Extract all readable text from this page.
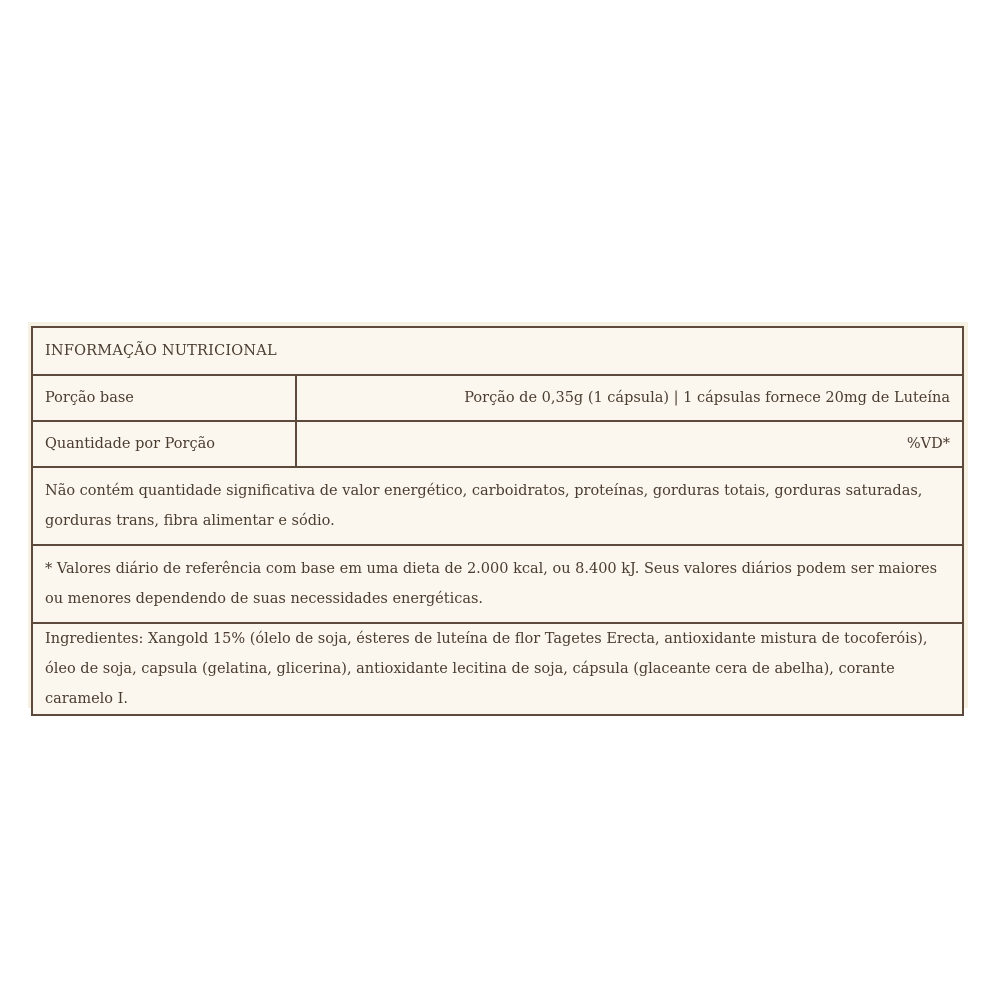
INFORMAÇÃO NUTRICIONAL	
Porção base	Porção de 0,35g (1 cápsula) | 1 cápsulas fornece 20mg de Luteína
Quantidade por Porção	%VD*
Não contém quantidade significativa de valor energético, carboidratos, proteínas, gorduras totais, gorduras saturadas, gorduras trans, fibra alimentar e sódio.	
* Valores diário de referência com base em uma dieta de 2.000 kcal, ou 8.400 kJ. Seus valores diários podem ser maiores ou menores dependendo de suas necessidades energéticas.	
Ingredientes: Xangold 15% (ólelo de soja, ésteres de luteína de flor Tagetes Erecta, antioxidante mistura de tocoferóis), óleo de soja, capsula (gelatina, glicerina), antioxidante lecitina de soja, cápsula (glaceante cera de abelha), corante caramelo I.	
